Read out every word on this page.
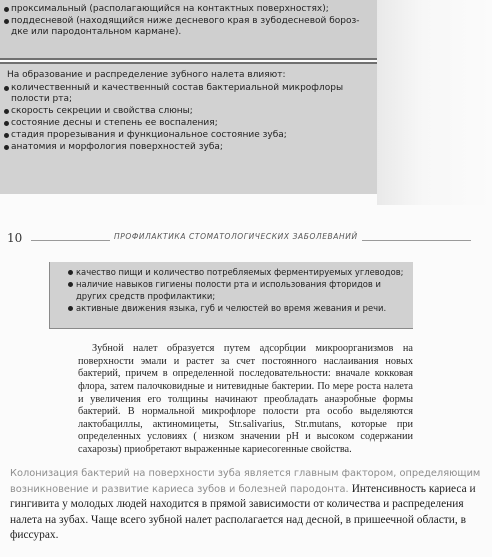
проксимальный (располагающийся на контактных поверхностях);
поддесневой (находящийся ниже десневого края в зубодесневой бороз-дке или пародонтальном кармане).
На образование и распределение зубного налета влияют:
количественный и качественный состав бактериальной микрофлоры полости рта;
скорость секреции и свойства слюны;
состояние десны и степень ее воспаления;
стадия прорезывания и функциональное состояние зуба;
анатомия и морфология поверхностей зуба;
10	ПРОФИЛАКТИКА СТОМАТОЛОГИЧЕСКИХ ЗАБОЛЕВАНИЙ
качество пищи и количество потребляемых ферментируемых углеводов;
наличие навыков гигиены полости рта и использования фторидов и других средств профилактики;
активные движения языка, губ и челюстей во время жевания и речи.

Зубной налет образуется путем адсорбции микроорганизмов на поверхности эмали и растет за счет постоянного наслаивания новых бактерий, причем в определенной последовательности: вначале кокковая флора, затем палочковидные и нитевидные бактерии. По мере роста налета и увеличения его толщины начинают преобладать анаэробные формы бактерий. В нормальной микрофлоре полости рта особо выделяются лактобациллы, актиномицеты, Str.salivarius, Str.mutans, которые при определенных условиях ( низком значении pH и высоком содержании сахарозы) приобретают выраженные кариесогенные свойства.

Колонизация бактерий на поверхности зуба является главным фактором, определяющим возникновение и развитие кариеса зубов и болезней пародонта. Интенсивность кариеса и гингивита у молодых людей находится в прямой зависимости от количества и распределения налета на зубах. Чаще всего зубной налет располагается над десной, в пришеечной области, в фиссурах.
